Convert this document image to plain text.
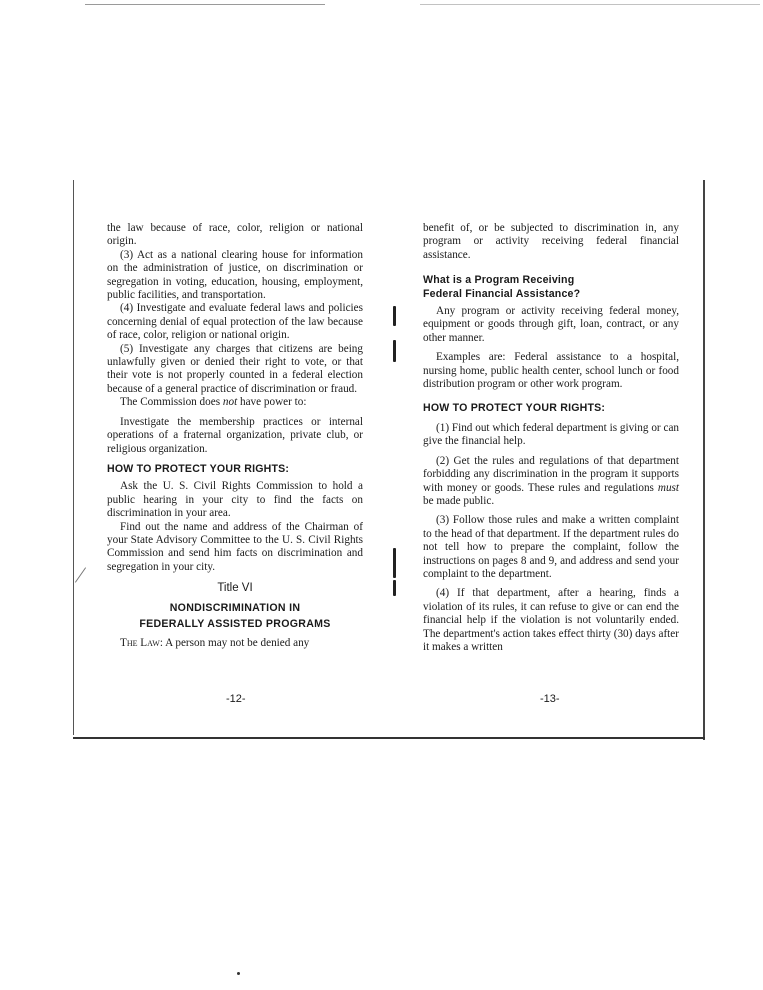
the law because of race, color, religion or national origin.

(3) Act as a national clearing house for information on the administration of justice, on discrimination or segregation in voting, education, housing, employment, public facilities, and transportation.

(4) Investigate and evaluate federal laws and policies concerning denial of equal protection of the law because of race, color, religion or national origin.

(5) Investigate any charges that citizens are being unlawfully given or denied their right to vote, or that their vote is not properly counted in a federal election because of a general practice of discrimination or fraud.

The Commission does not have power to:

Investigate the membership practices or internal operations of a fraternal organization, private club, or religious organization.

HOW TO PROTECT YOUR RIGHTS:

Ask the U. S. Civil Rights Commission to hold a public hearing in your city to find the facts on discrimination in your area.

Find out the name and address of the Chairman of your State Advisory Committee to the U. S. Civil Rights Commission and send him facts on discrimination and segregation in your city.

Title VI

NONDISCRIMINATION IN

FEDERALLY ASSISTED PROGRAMS

The Law: A person may not be denied any

benefit of, or be subjected to discrimination in, any program or activity receiving federal financial assistance.

What is a Program Receiving

Federal Financial Assistance?

Any program or activity receiving federal money, equipment or goods through gift, loan, contract, or any other manner.

Examples are: Federal assistance to a hospital, nursing home, public health center, school lunch or food distribution program or other work program.

HOW TO PROTECT YOUR RIGHTS:

(1) Find out which federal department is giving or can give the financial help.

(2) Get the rules and regulations of that department forbidding any discrimination in the program it supports with money or goods. These rules and regulations must be made public.

(3) Follow those rules and make a written complaint to the head of that department. If the department rules do not tell how to prepare the complaint, follow the instructions on pages 8 and 9, and address and send your complaint to the department.

(4) If that department, after a hearing, finds a violation of its rules, it can refuse to give or can end the financial help if the violation is not voluntarily ended. The department's action takes effect thirty (30) days after it makes a written

-12-	-13-
